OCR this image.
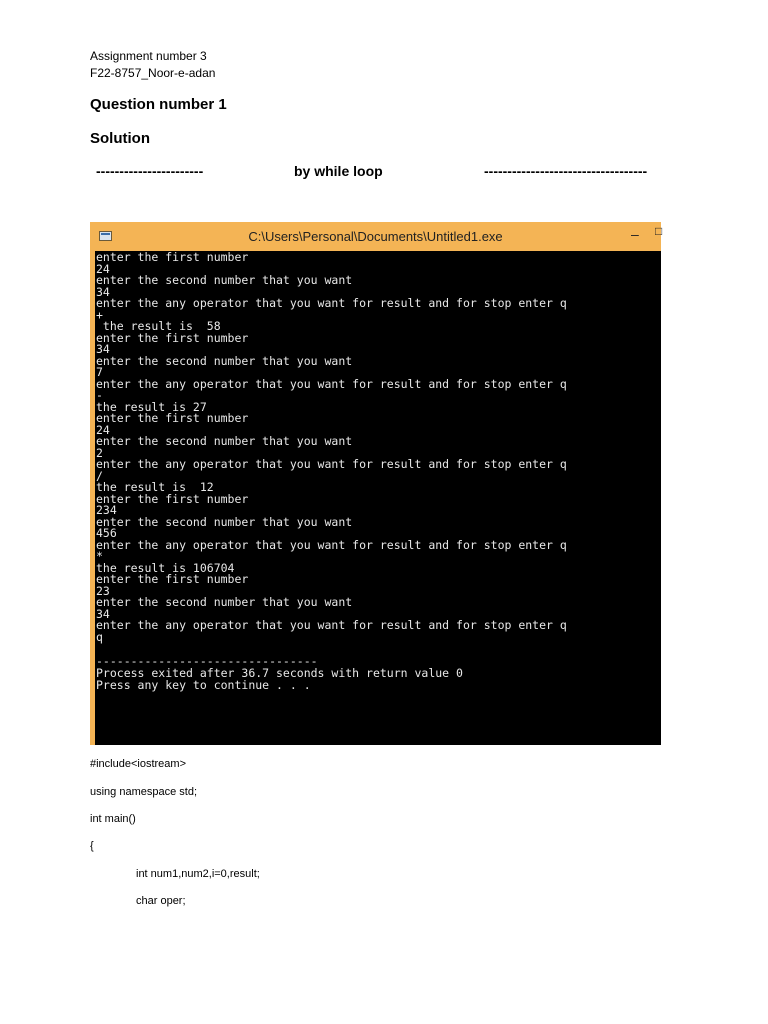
Assignment number 3
F22-8757_Noor-e-adan
Question number 1
Solution
-----------------------	by while loop	-----------------------------------
C:\Users\Personal\Documents\Untitled1.exe	– □
enter the first number
24
enter the second number that you want
34
enter the any operator that you want for result and for stop enter q
+
the result is  58
enter the first number
34
enter the second number that you want
7
enter the any operator that you want for result and for stop enter q
-
the result is 27
enter the first number
24
enter the second number that you want
2
enter the any operator that you want for result and for stop enter q
/
the result is  12
enter the first number
234
enter the second number that you want
456
enter the any operator that you want for result and for stop enter q
*
the result is 106704
enter the first number
23
enter the second number that you want
34
enter the any operator that you want for result and for stop enter q
q
--------------------------------
Process exited after 36.7 seconds with return value 0
Press any key to continue . . .
#include<iostream>
using namespace std;
int main()
{
int num1,num2,i=0,result;
char oper;
